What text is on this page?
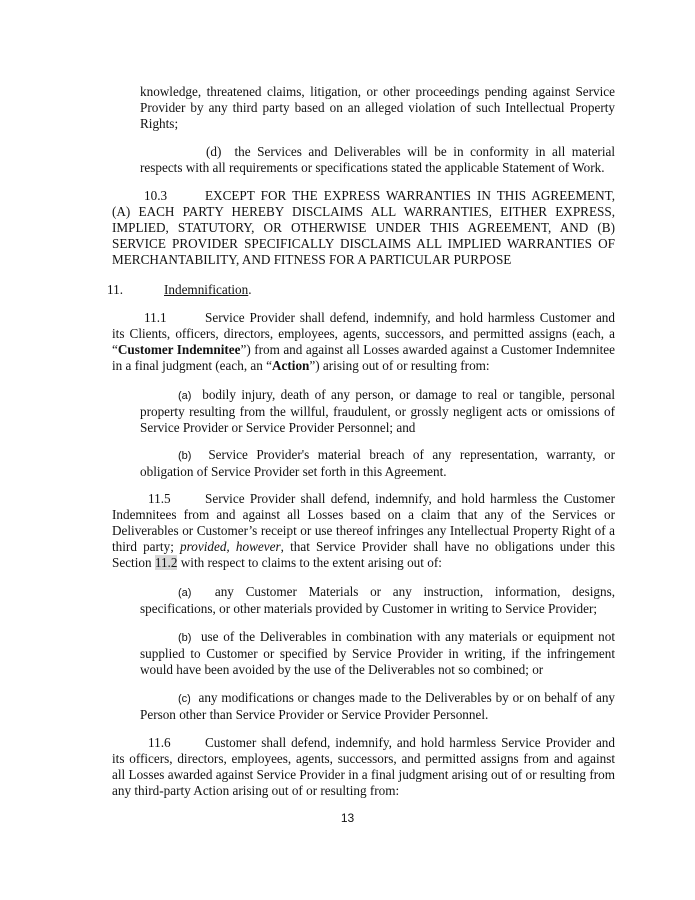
knowledge, threatened claims, litigation, or other proceedings pending against Service Provider by any third party based on an alleged violation of such Intellectual Property Rights;

(d) the Services and Deliverables will be in conformity in all material respects with all requirements or specifications stated the applicable Statement of Work.

10.3	EXCEPT FOR THE EXPRESS WARRANTIES IN THIS AGREEMENT, (A) EACH PARTY HEREBY DISCLAIMS ALL WARRANTIES, EITHER EXPRESS, IMPLIED, STATUTORY, OR OTHERWISE UNDER THIS AGREEMENT, AND (B) SERVICE PROVIDER SPECIFICALLY DISCLAIMS ALL IMPLIED WARRANTIES OF MERCHANTABILITY, AND FITNESS FOR A PARTICULAR PURPOSE

11.	Indemnification.

11.1	Service Provider shall defend, indemnify, and hold harmless Customer and its Clients, officers, directors, employees, agents, successors, and permitted assigns (each, a “Customer Indemnitee”) from and against all Losses awarded against a Customer Indemnitee in a final judgment (each, an “Action”) arising out of or resulting from:

(a) bodily injury, death of any person, or damage to real or tangible, personal property resulting from the willful, fraudulent, or grossly negligent acts or omissions of Service Provider or Service Provider Personnel; and

(b) Service Provider's material breach of any representation, warranty, or obligation of Service Provider set forth in this Agreement.

11.5	Service Provider shall defend, indemnify, and hold harmless the Customer Indemnitees from and against all Losses based on a claim that any of the Services or Deliverables or Customer’s receipt or use thereof infringes any Intellectual Property Right of a third party; provided, however, that Service Provider shall have no obligations under this Section 11.2 with respect to claims to the extent arising out of:

(a) any Customer Materials or any instruction, information, designs, specifications, or other materials provided by Customer in writing to Service Provider;

(b) use of the Deliverables in combination with any materials or equipment not supplied to Customer or specified by Service Provider in writing, if the infringement would have been avoided by the use of the Deliverables not so combined; or

(c) any modifications or changes made to the Deliverables by or on behalf of any Person other than Service Provider or Service Provider Personnel.

11.6	Customer shall defend, indemnify, and hold harmless Service Provider and its officers, directors, employees, agents, successors, and permitted assigns from and against all Losses awarded against Service Provider in a final judgment arising out of or resulting from any third-party Action arising out of or resulting from:

13
